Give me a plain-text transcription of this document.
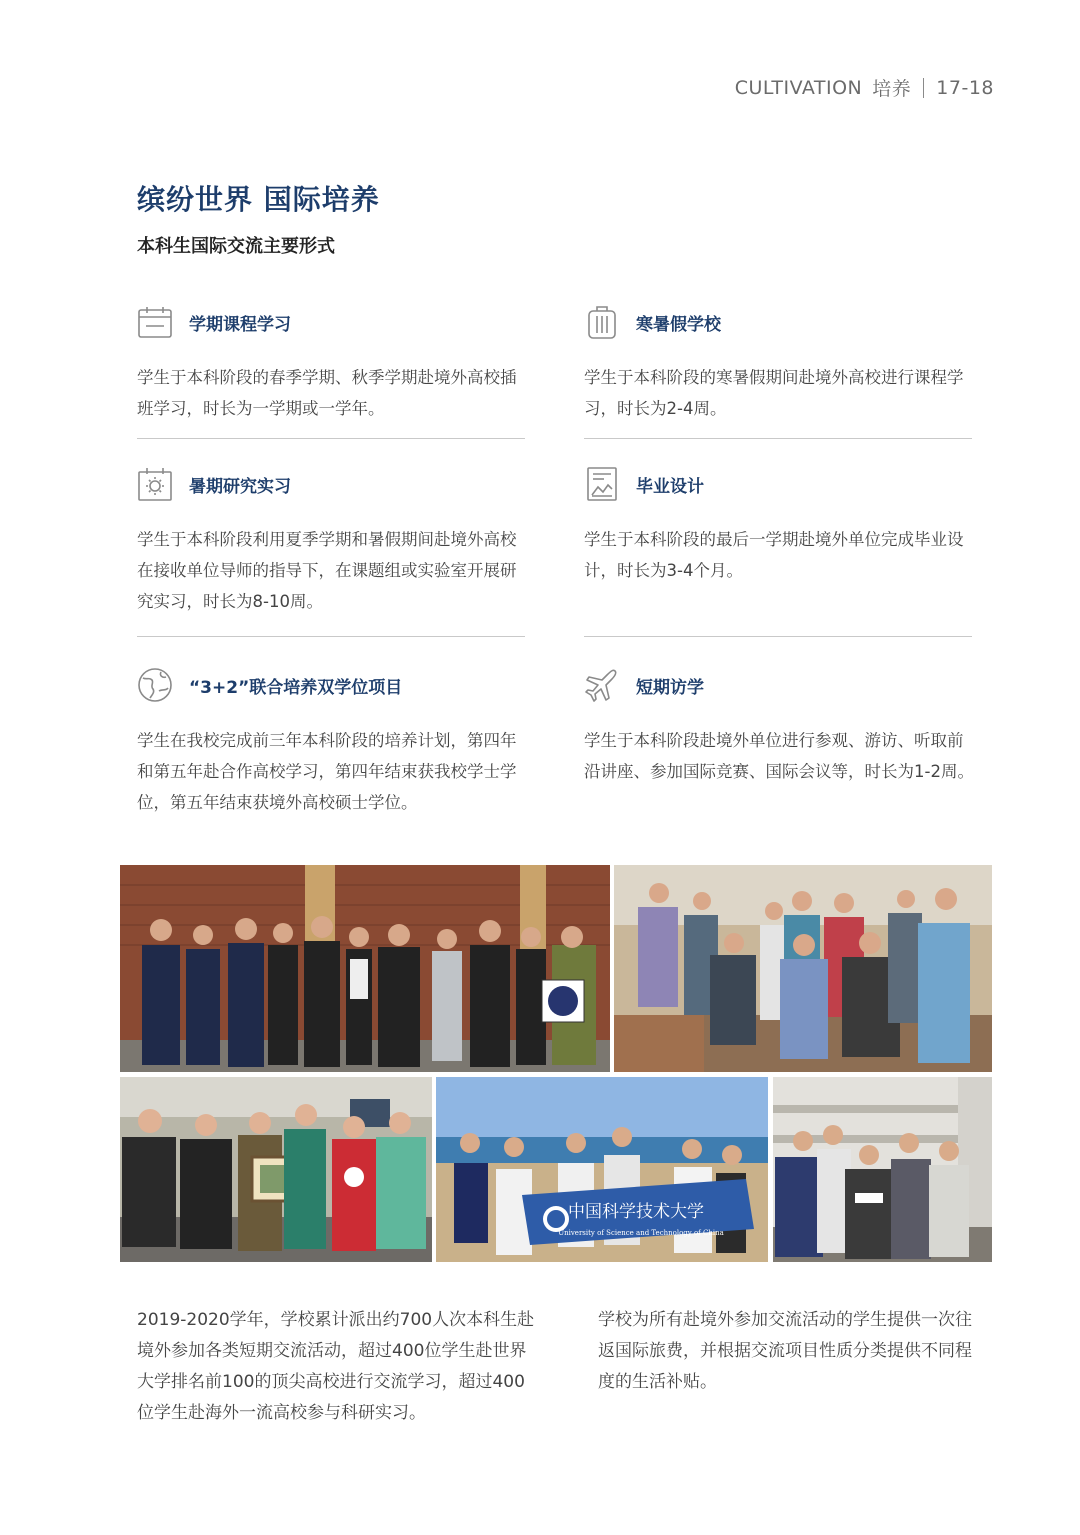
CULTIVATION 培养 17-18
缤纷世界 国际培养
本科生国际交流主要形式
学期课程学习
学生于本科阶段的春季学期、秋季学期赴境外高校插班学习，时长为一学期或一学年。
寒暑假学校
学生于本科阶段的寒暑假期间赴境外高校进行课程学习，时长为2-4周。
暑期研究实习
学生于本科阶段利用夏季学期和暑假期间赴境外高校在接收单位导师的指导下，在课题组或实验室开展研究实习，时长为8-10周。
毕业设计
学生于本科阶段的最后一学期赴境外单位完成毕业设计，时长为3-4个月。
“3+2”联合培养双学位项目
学生在我校完成前三年本科阶段的培养计划，第四年和第五年赴合作高校学习，第四年结束获我校学士学位，第五年结束获境外高校硕士学位。
短期访学
学生于本科阶段赴境外单位进行参观、游访、听取前沿讲座、参加国际竞赛、国际会议等，时长为1-2周。
中国科学技术大学
University of Science and Technology of China
2019-2020学年，学校累计派出约700人次本科生赴境外参加各类短期交流活动，超过400位学生赴世界大学排名前100的顶尖高校进行交流学习，超过400位学生赴海外一流高校参与科研实习。
学校为所有赴境外参加交流活动的学生提供一次往返国际旅费，并根据交流项目性质分类提供不同程度的生活补贴。
